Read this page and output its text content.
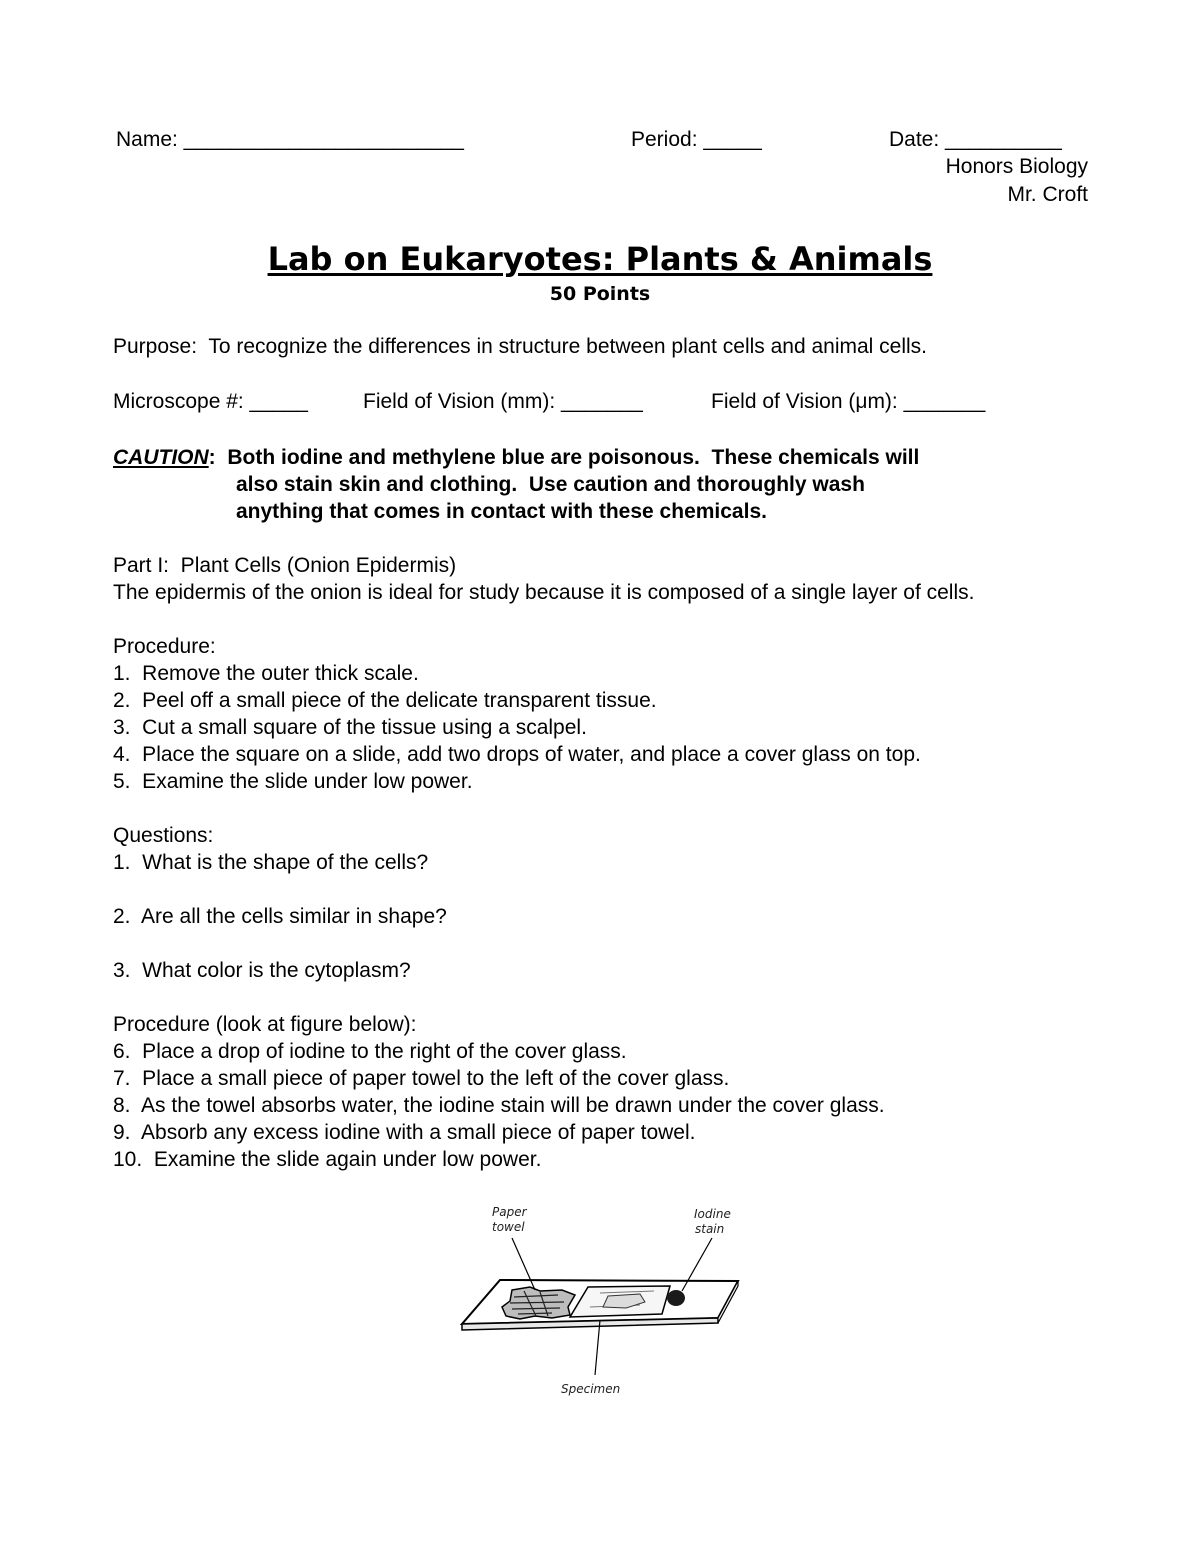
Name: ________________________	Period: _____	Date: __________
Honors Biology
Mr. Croft
Lab on Eukaryotes: Plants & Animals
50 Points
Purpose:  To recognize the differences in structure between plant cells and animal cells.
Microscope #: _____	Field of Vision (mm): _______	Field of Vision (μm): _______
CAUTION:  Both iodine and methylene blue are poisonous.  These chemicals will
also stain skin and clothing.  Use caution and thoroughly wash
anything that comes in contact with these chemicals.
Part I:  Plant Cells (Onion Epidermis)
The epidermis of the onion is ideal for study because it is composed of a single layer of cells.
Procedure:
1.  Remove the outer thick scale.
2.  Peel off a small piece of the delicate transparent tissue.
3.  Cut a small square of the tissue using a scalpel.
4.  Place the square on a slide, add two drops of water, and place a cover glass on top.
5.  Examine the slide under low power.
Questions:
1.  What is the shape of the cells?
2.  Are all the cells similar in shape?
3.  What color is the cytoplasm?
Procedure (look at figure below):
6.  Place a drop of iodine to the right of the cover glass.
7.  Place a small piece of paper towel to the left of the cover glass.
8.  As the towel absorbs water, the iodine stain will be drawn under the cover glass.
9.  Absorb any excess iodine with a small piece of paper towel.
10.  Examine the slide again under low power.
Paper
towel
Iodine
stain
Specimen
